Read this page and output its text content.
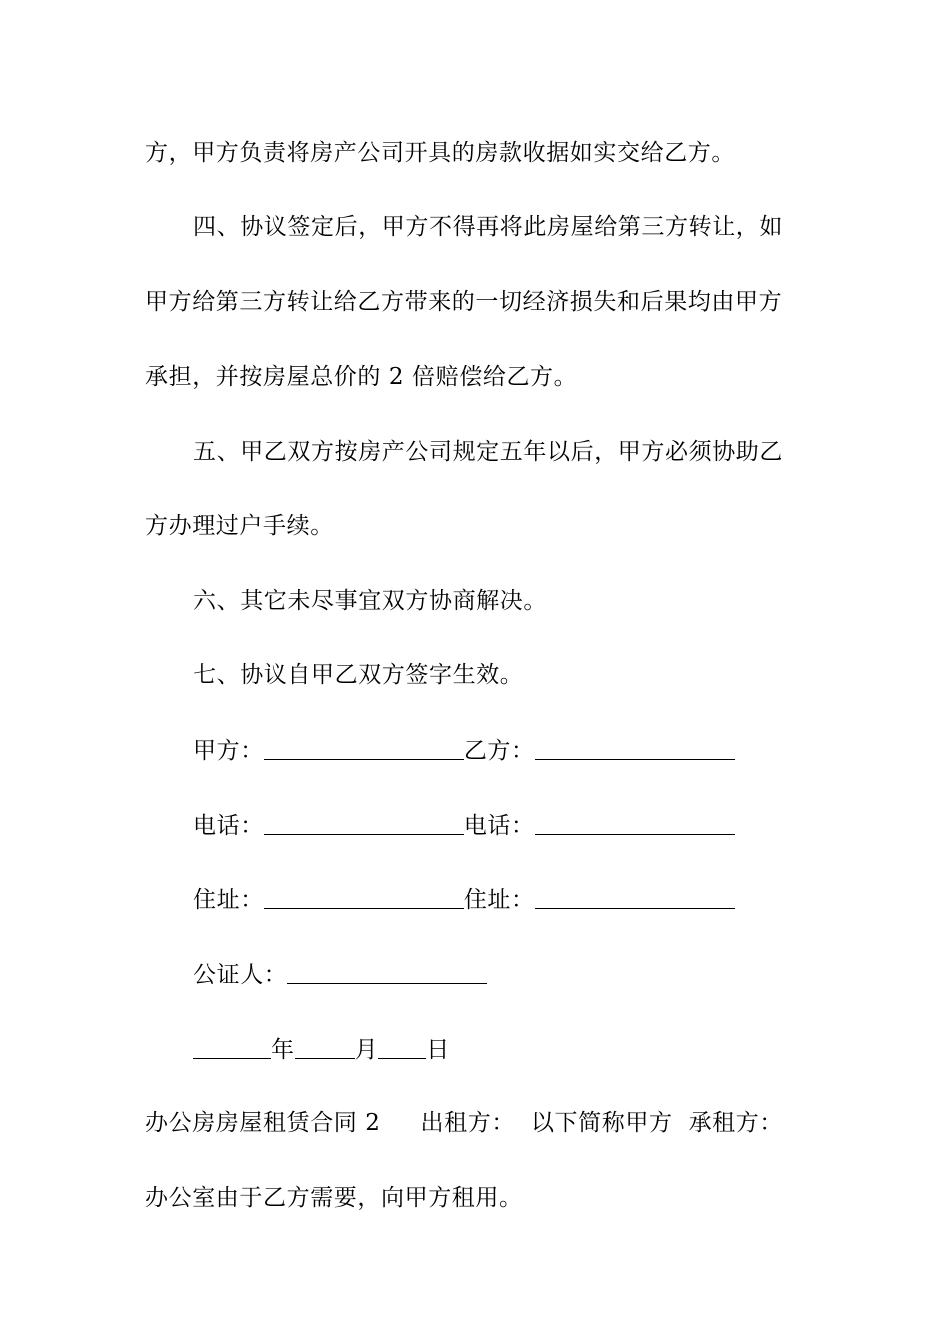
方，甲方负责将房产公司开具的房款收据如实交给乙方。
四、协议签定后，甲方不得再将此房屋给第三方转让，如
甲方给第三方转让给乙方带来的一切经济损失和后果均由甲方
承担，并按房屋总价的 2 倍赔偿给乙方。
五、甲乙双方按房产公司规定五年以后，甲方必须协助乙
方办理过户手续。
六、其它未尽事宜双方协商解决。
七、协议自甲乙双方签字生效。
甲方：	乙方：
电话：	电话：
住址：	住址：
公证人：
年	月 日
办公房房屋租赁合同 2 出租方： 以下简称甲方 承租方：
办公室由于乙方需要，向甲方租用。
